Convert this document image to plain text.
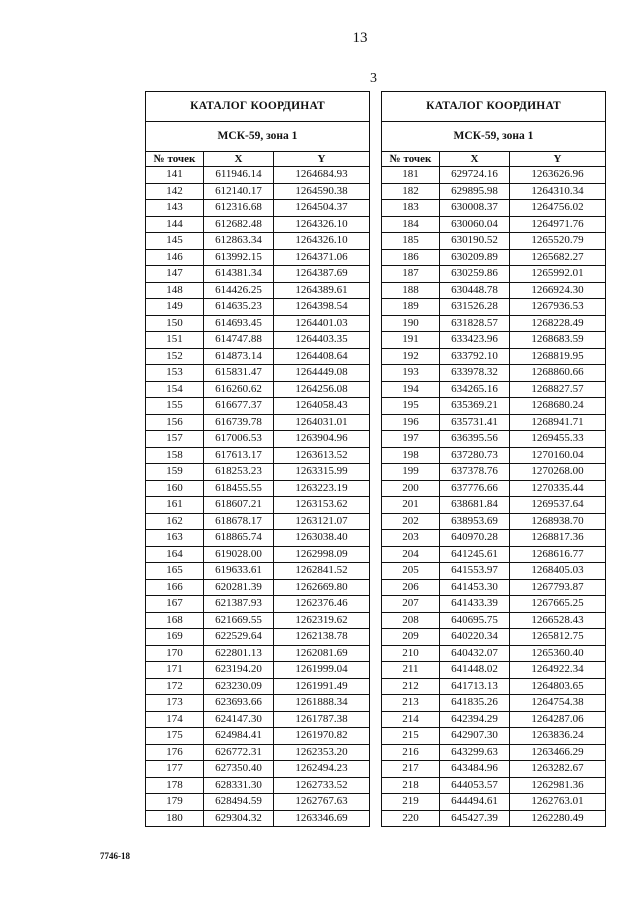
13
3
КАТАЛОГ КООРДИНАТ		
МСК-59, зона 1		
№ точек	X	Y
141	611946.14	1264684.93
142	612140.17	1264590.38
143	612316.68	1264504.37
144	612682.48	1264326.10
145	612863.34	1264326.10
146	613992.15	1264371.06
147	614381.34	1264387.69
148	614426.25	1264389.61
149	614635.23	1264398.54
150	614693.45	1264401.03
151	614747.88	1264403.35
152	614873.14	1264408.64
153	615831.47	1264449.08
154	616260.62	1264256.08
155	616677.37	1264058.43
156	616739.78	1264031.01
157	617006.53	1263904.96
158	617613.17	1263613.52
159	618253.23	1263315.99
160	618455.55	1263223.19
161	618607.21	1263153.62
162	618678.17	1263121.07
163	618865.74	1263038.40
164	619028.00	1262998.09
165	619633.61	1262841.52
166	620281.39	1262669.80
167	621387.93	1262376.46
168	621669.55	1262319.62
169	622529.64	1262138.78
170	622801.13	1262081.69
171	623194.20	1261999.04
172	623230.09	1261991.49
173	623693.66	1261888.34
174	624147.30	1261787.38
175	624984.41	1261970.82
176	626772.31	1262353.20
177	627350.40	1262494.23
178	628331.30	1262733.52
179	628494.59	1262767.63
180	629304.32	1263346.69
КАТАЛОГ КООРДИНАТ		
МСК-59, зона 1		
№ точек	X	Y
181	629724.16	1263626.96
182	629895.98	1264310.34
183	630008.37	1264756.02
184	630060.04	1264971.76
185	630190.52	1265520.79
186	630209.89	1265682.27
187	630259.86	1265992.01
188	630448.78	1266924.30
189	631526.28	1267936.53
190	631828.57	1268228.49
191	633423.96	1268683.59
192	633792.10	1268819.95
193	633978.32	1268860.66
194	634265.16	1268827.57
195	635369.21	1268680.24
196	635731.41	1268941.71
197	636395.56	1269455.33
198	637280.73	1270160.04
199	637378.76	1270268.00
200	637776.66	1270335.44
201	638681.84	1269537.64
202	638953.69	1268938.70
203	640970.28	1268817.36
204	641245.61	1268616.77
205	641553.97	1268405.03
206	641453.30	1267793.87
207	641433.39	1267665.25
208	640695.75	1266528.43
209	640220.34	1265812.75
210	640432.07	1265360.40
211	641448.02	1264922.34
212	641713.13	1264803.65
213	641835.26	1264754.38
214	642394.29	1264287.06
215	642907.30	1263836.24
216	643299.63	1263466.29
217	643484.96	1263282.67
218	644053.57	1262981.36
219	644494.61	1262763.01
220	645427.39	1262280.49
7746-18
